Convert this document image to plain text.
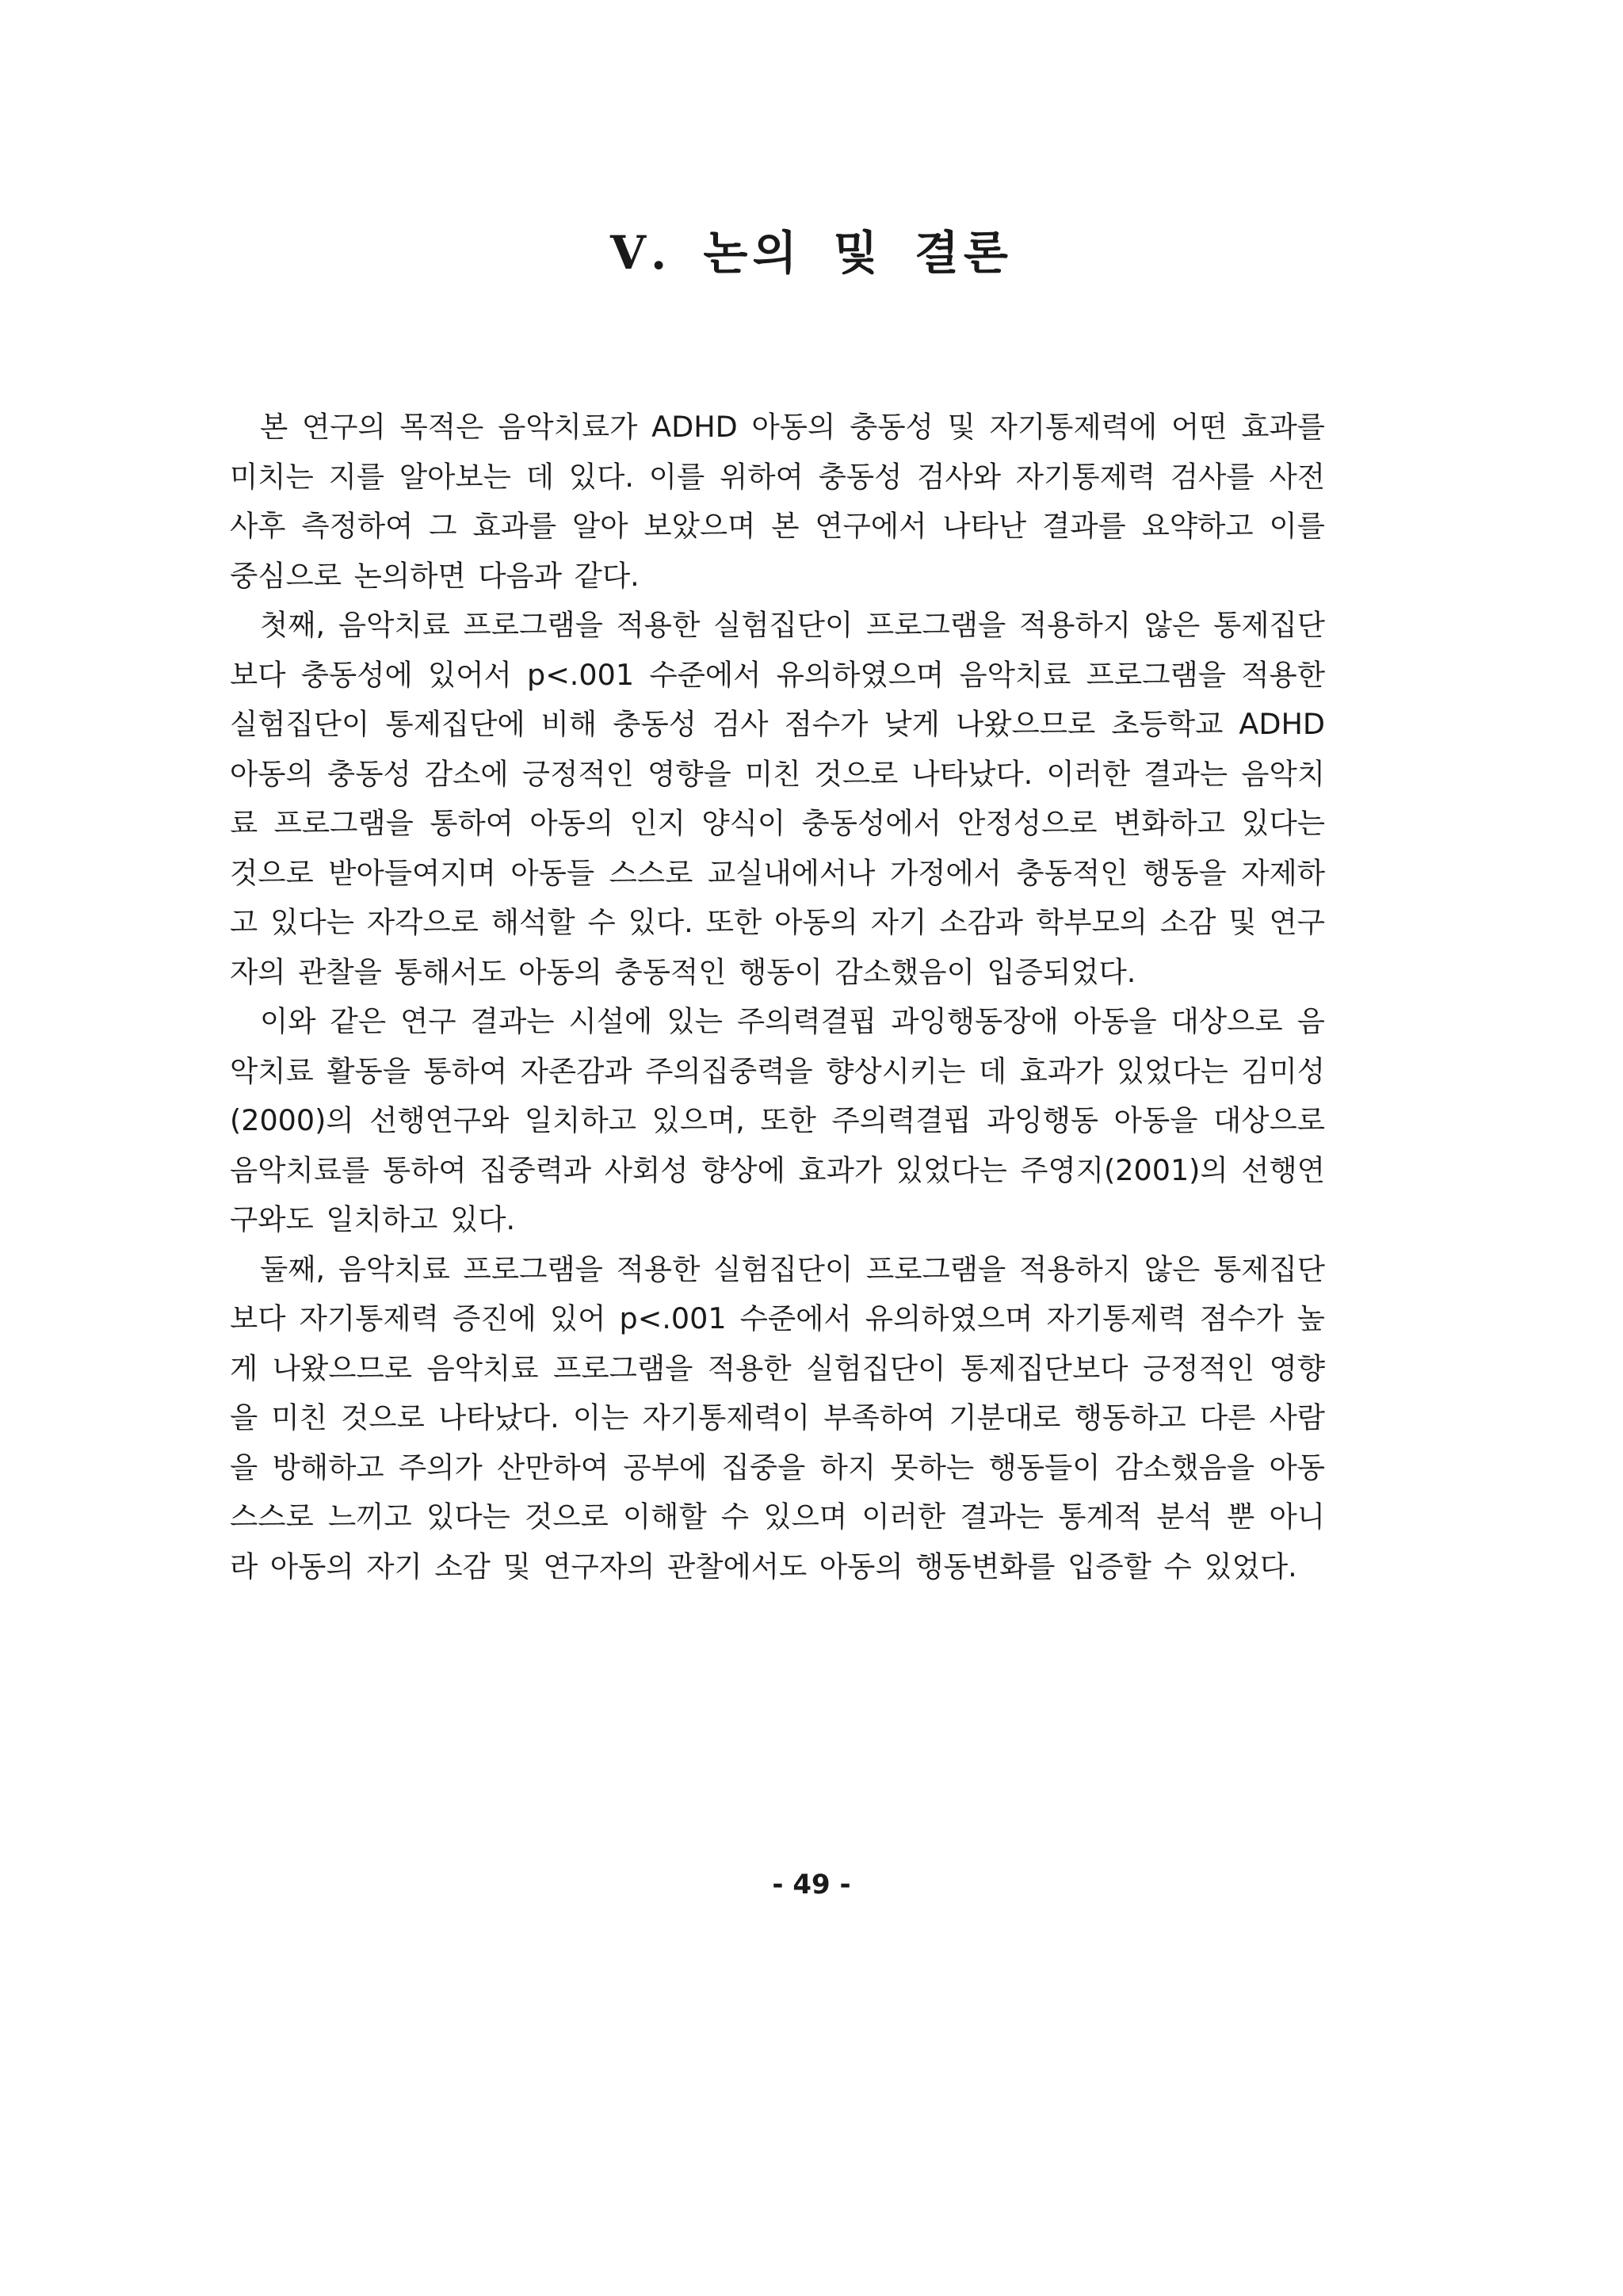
Ⅴ. 논의 및 결론

본 연구의 목적은 음악치료가 ADHD 아동의 충동성 및 자기통제력에 어떤 효과를 미치는 지를 알아보는 데 있다. 이를 위하여 충동성 검사와 자기통제력 검사를 사전 사후 측정하여 그 효과를 알아 보았으며 본 연구에서 나타난 결과를 요약하고 이를 중심으로 논의하면 다음과 같다.

첫째, 음악치료 프로그램을 적용한 실험집단이 프로그램을 적용하지 않은 통제집단 보다 충동성에 있어서 p<.001 수준에서 유의하였으며 음악치료 프로그램을 적용한 실험집단이 통제집단에 비해 충동성 검사 점수가 낮게 나왔으므로 초등학교 ADHD 아동의 충동성 감소에 긍정적인 영향을 미친 것으로 나타났다. 이러한 결과는 음악치료 프로그램을 통하여 아동의 인지 양식이 충동성에서 안정성으로 변화하고 있다는 것으로 받아들여지며 아동들 스스로 교실내에서나 가정에서 충동적인 행동을 자제하고 있다는 자각으로 해석할 수 있다. 또한 아동의 자기 소감과 학부모의 소감 및 연구자의 관찰을 통해서도 아동의 충동적인 행동이 감소했음이 입증되었다.

이와 같은 연구 결과는 시설에 있는 주의력결핍 과잉행동장애 아동을 대상으로 음악치료 활동을 통하여 자존감과 주의집중력을 향상시키는 데 효과가 있었다는 김미성(2000)의 선행연구와 일치하고 있으며, 또한 주의력결핍 과잉행동 아동을 대상으로 음악치료를 통하여 집중력과 사회성 향상에 효과가 있었다는 주영지(2001)의 선행연구와도 일치하고 있다.

둘째, 음악치료 프로그램을 적용한 실험집단이 프로그램을 적용하지 않은 통제집단 보다 자기통제력 증진에 있어 p<.001 수준에서 유의하였으며 자기통제력 점수가 높게 나왔으므로 음악치료 프로그램을 적용한 실험집단이 통제집단보다 긍정적인 영향을 미친 것으로 나타났다. 이는 자기통제력이 부족하여 기분대로 행동하고 다른 사람을 방해하고 주의가 산만하여 공부에 집중을 하지 못하는 행동들이 감소했음을 아동 스스로 느끼고 있다는 것으로 이해할 수 있으며 이러한 결과는 통계적 분석 뿐 아니라 아동의 자기 소감 및 연구자의 관찰에서도 아동의 행동변화를 입증할 수 있었다.

- 49 -
